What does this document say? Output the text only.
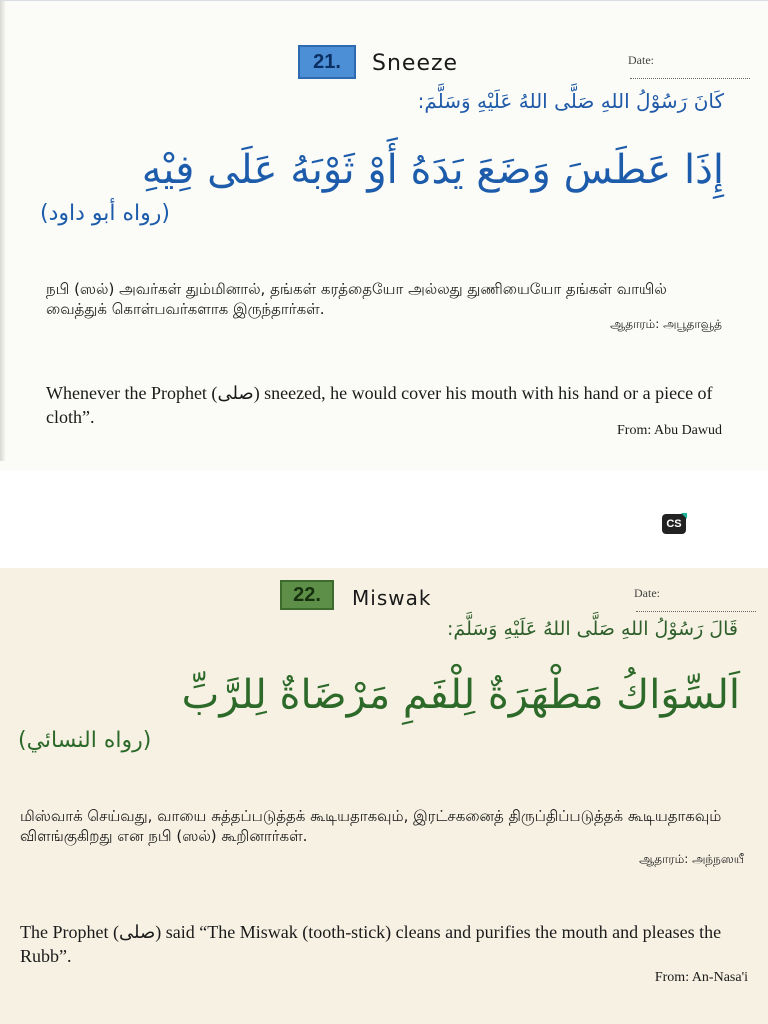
21.	Sneeze	Date:
كَانَ رَسُوْلُ اللهِ صَلَّى اللهُ عَلَيْهِ وَسَلَّمَ:
إِذَا عَطَسَ وَضَعَ يَدَهُ أَوْ ثَوْبَهُ عَلَى فِيْهِ
(رواه أبو داود)
நபி (ஸல்) அவர்கள் தும்மினால், தங்கள் கரத்தையோ அல்லது துணியையோ தங்கள் வாயில் வைத்துக் கொள்பவர்களாக இருந்தார்கள்.
ஆதாரம்: அபூதாவூத்
Whenever the Prophet (صلى) sneezed, he would cover his mouth with his hand or a piece of cloth”.
From: Abu Dawud
CS
22.	Miswak	Date:
قَالَ رَسُوْلُ اللهِ صَلَّى اللهُ عَلَيْهِ وَسَلَّمَ:
اَلسِّوَاكُ مَطْهَرَةٌ لِلْفَمِ مَرْضَاةٌ لِلرَّبِّ
(رواه النسائي)
மிஸ்வாக் செய்வது, வாயை சுத்தப்படுத்தக் கூடியதாகவும், இரட்சகனைத் திருப்திப்படுத்தக் கூடியதாகவும் விளங்குகிறது என நபி (ஸல்) கூறினார்கள்.
ஆதாரம்: அந்நஸயீ
The Prophet (صلى) said “The Miswak (tooth-stick) cleans and purifies the mouth and pleases the Rubb”.
From: An-Nasa'i
